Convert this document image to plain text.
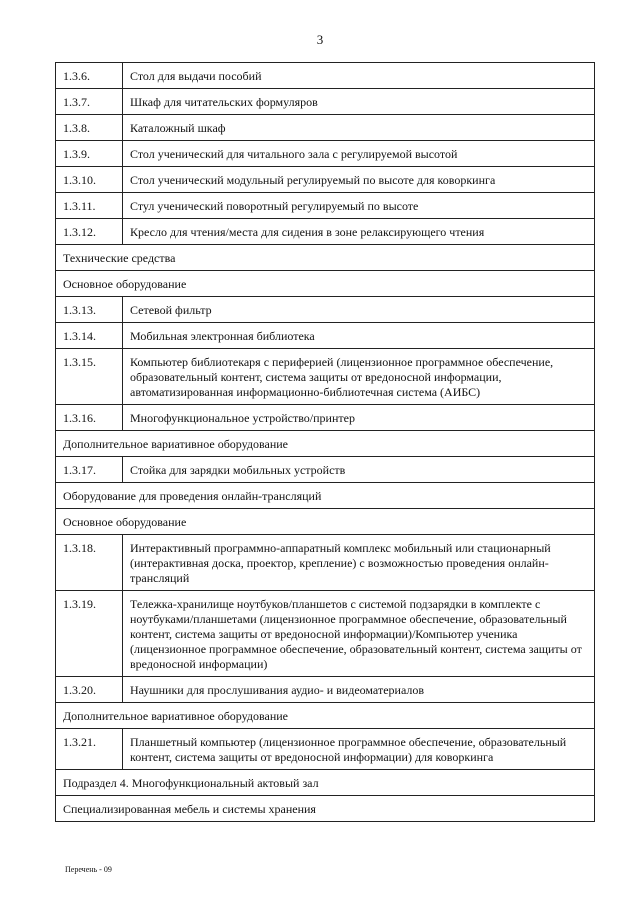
3
1.3.6.	Стол для выдачи пособий
1.3.7.	Шкаф для читательских формуляров
1.3.8.	Каталожный шкаф
1.3.9.	Стол ученический для читального зала с регулируемой высотой
1.3.10.	Стол ученический модульный регулируемый по высоте для коворкинга
1.3.11.	Стул ученический поворотный регулируемый по высоте
1.3.12.	Кресло для чтения/места для сидения в зоне релаксирующего чтения
Технические средства	
Основное оборудование	
1.3.13.	Сетевой фильтр
1.3.14.	Мобильная электронная библиотека
1.3.15.	Компьютер библиотекаря с периферией (лицензионное программное обеспечение, образовательный контент, система защиты от вредоносной информации, автоматизированная информационно-библиотечная система (АИБС)
1.3.16.	Многофункциональное устройство/принтер
Дополнительное вариативное оборудование	
1.3.17.	Стойка для зарядки мобильных устройств
Оборудование для проведения онлайн-трансляций	
Основное оборудование	
1.3.18.	Интерактивный программно-аппаратный комплекс мобильный или стационарный (интерактивная доска, проектор, крепление) с возможностью проведения онлайн-трансляций
1.3.19.	Тележка-хранилище ноутбуков/планшетов с системой подзарядки в комплекте с ноутбуками/планшетами (лицензионное программное обеспечение, образовательный контент, система защиты от вредоносной информации)/Компьютер ученика (лицензионное программное обеспечение, образовательный контент, система защиты от вредоносной информации)
1.3.20.	Наушники для прослушивания аудио- и видеоматериалов
Дополнительное вариативное оборудование	
1.3.21.	Планшетный компьютер (лицензионное программное обеспечение, образовательный контент, система защиты от вредоносной информации) для коворкинга
Подраздел 4. Многофункциональный актовый зал	
Специализированная мебель и системы хранения	
Перечень - 09
